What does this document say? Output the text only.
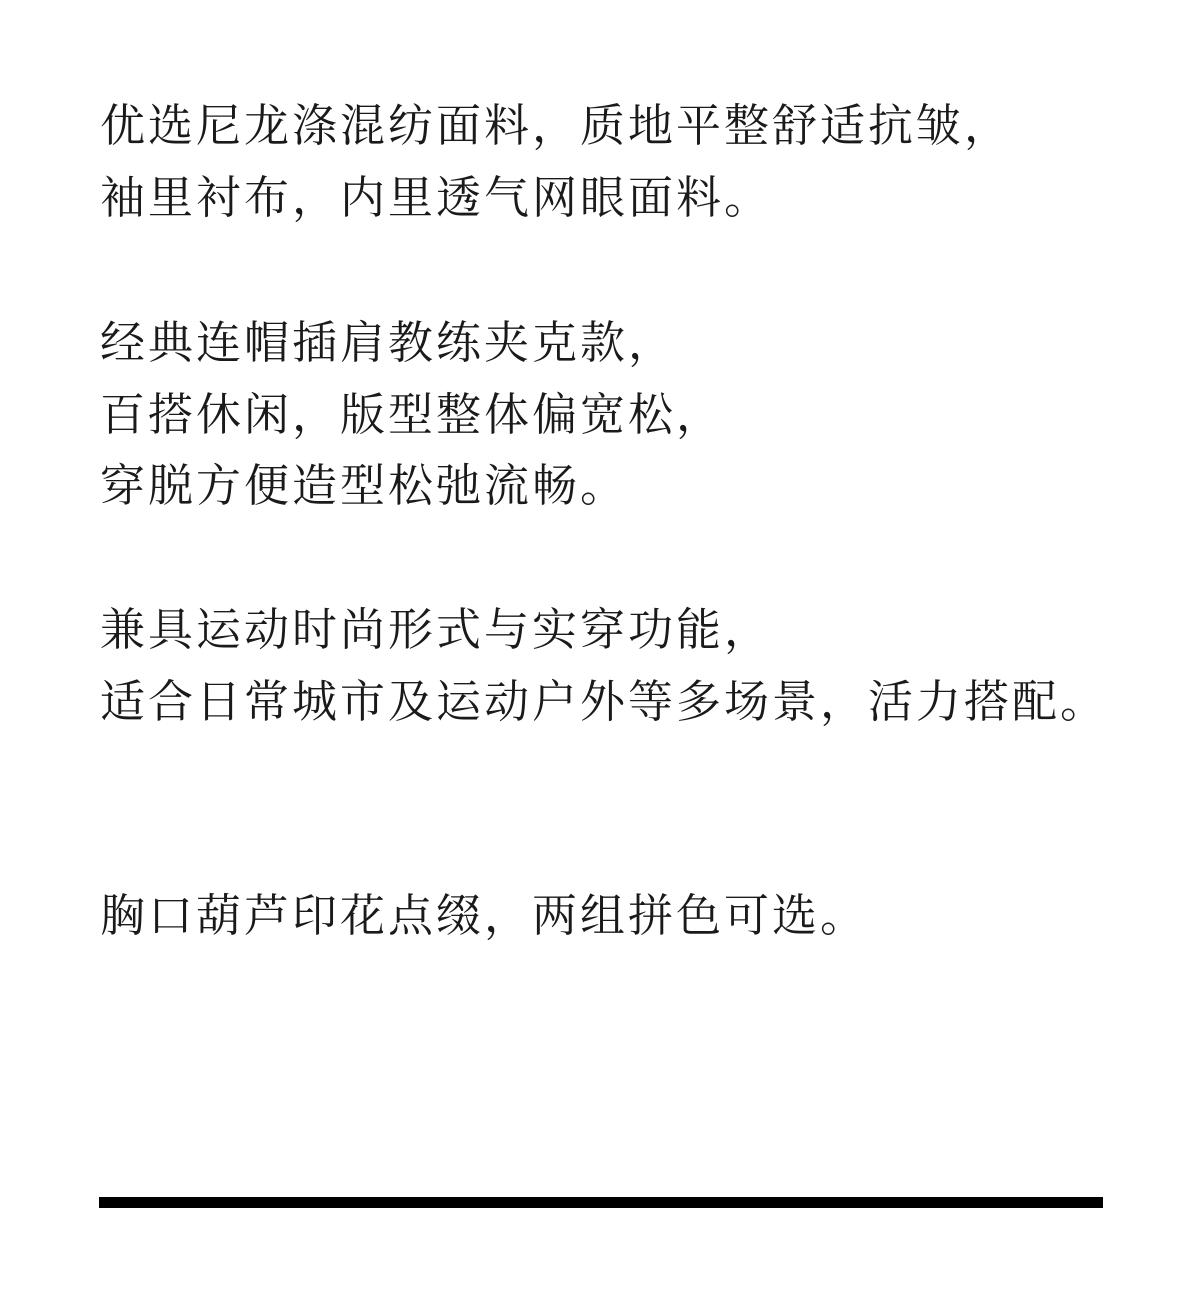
优选尼龙涤混纺面料，质地平整舒适抗皱，
袖里衬布，内里透气网眼面料。
经典连帽插肩教练夹克款，
百搭休闲，版型整体偏宽松，
穿脱方便造型松弛流畅。
兼具运动时尚形式与实穿功能，
适合日常城市及运动户外等多场景，活力搭配。
胸口葫芦印花点缀，两组拼色可选。
